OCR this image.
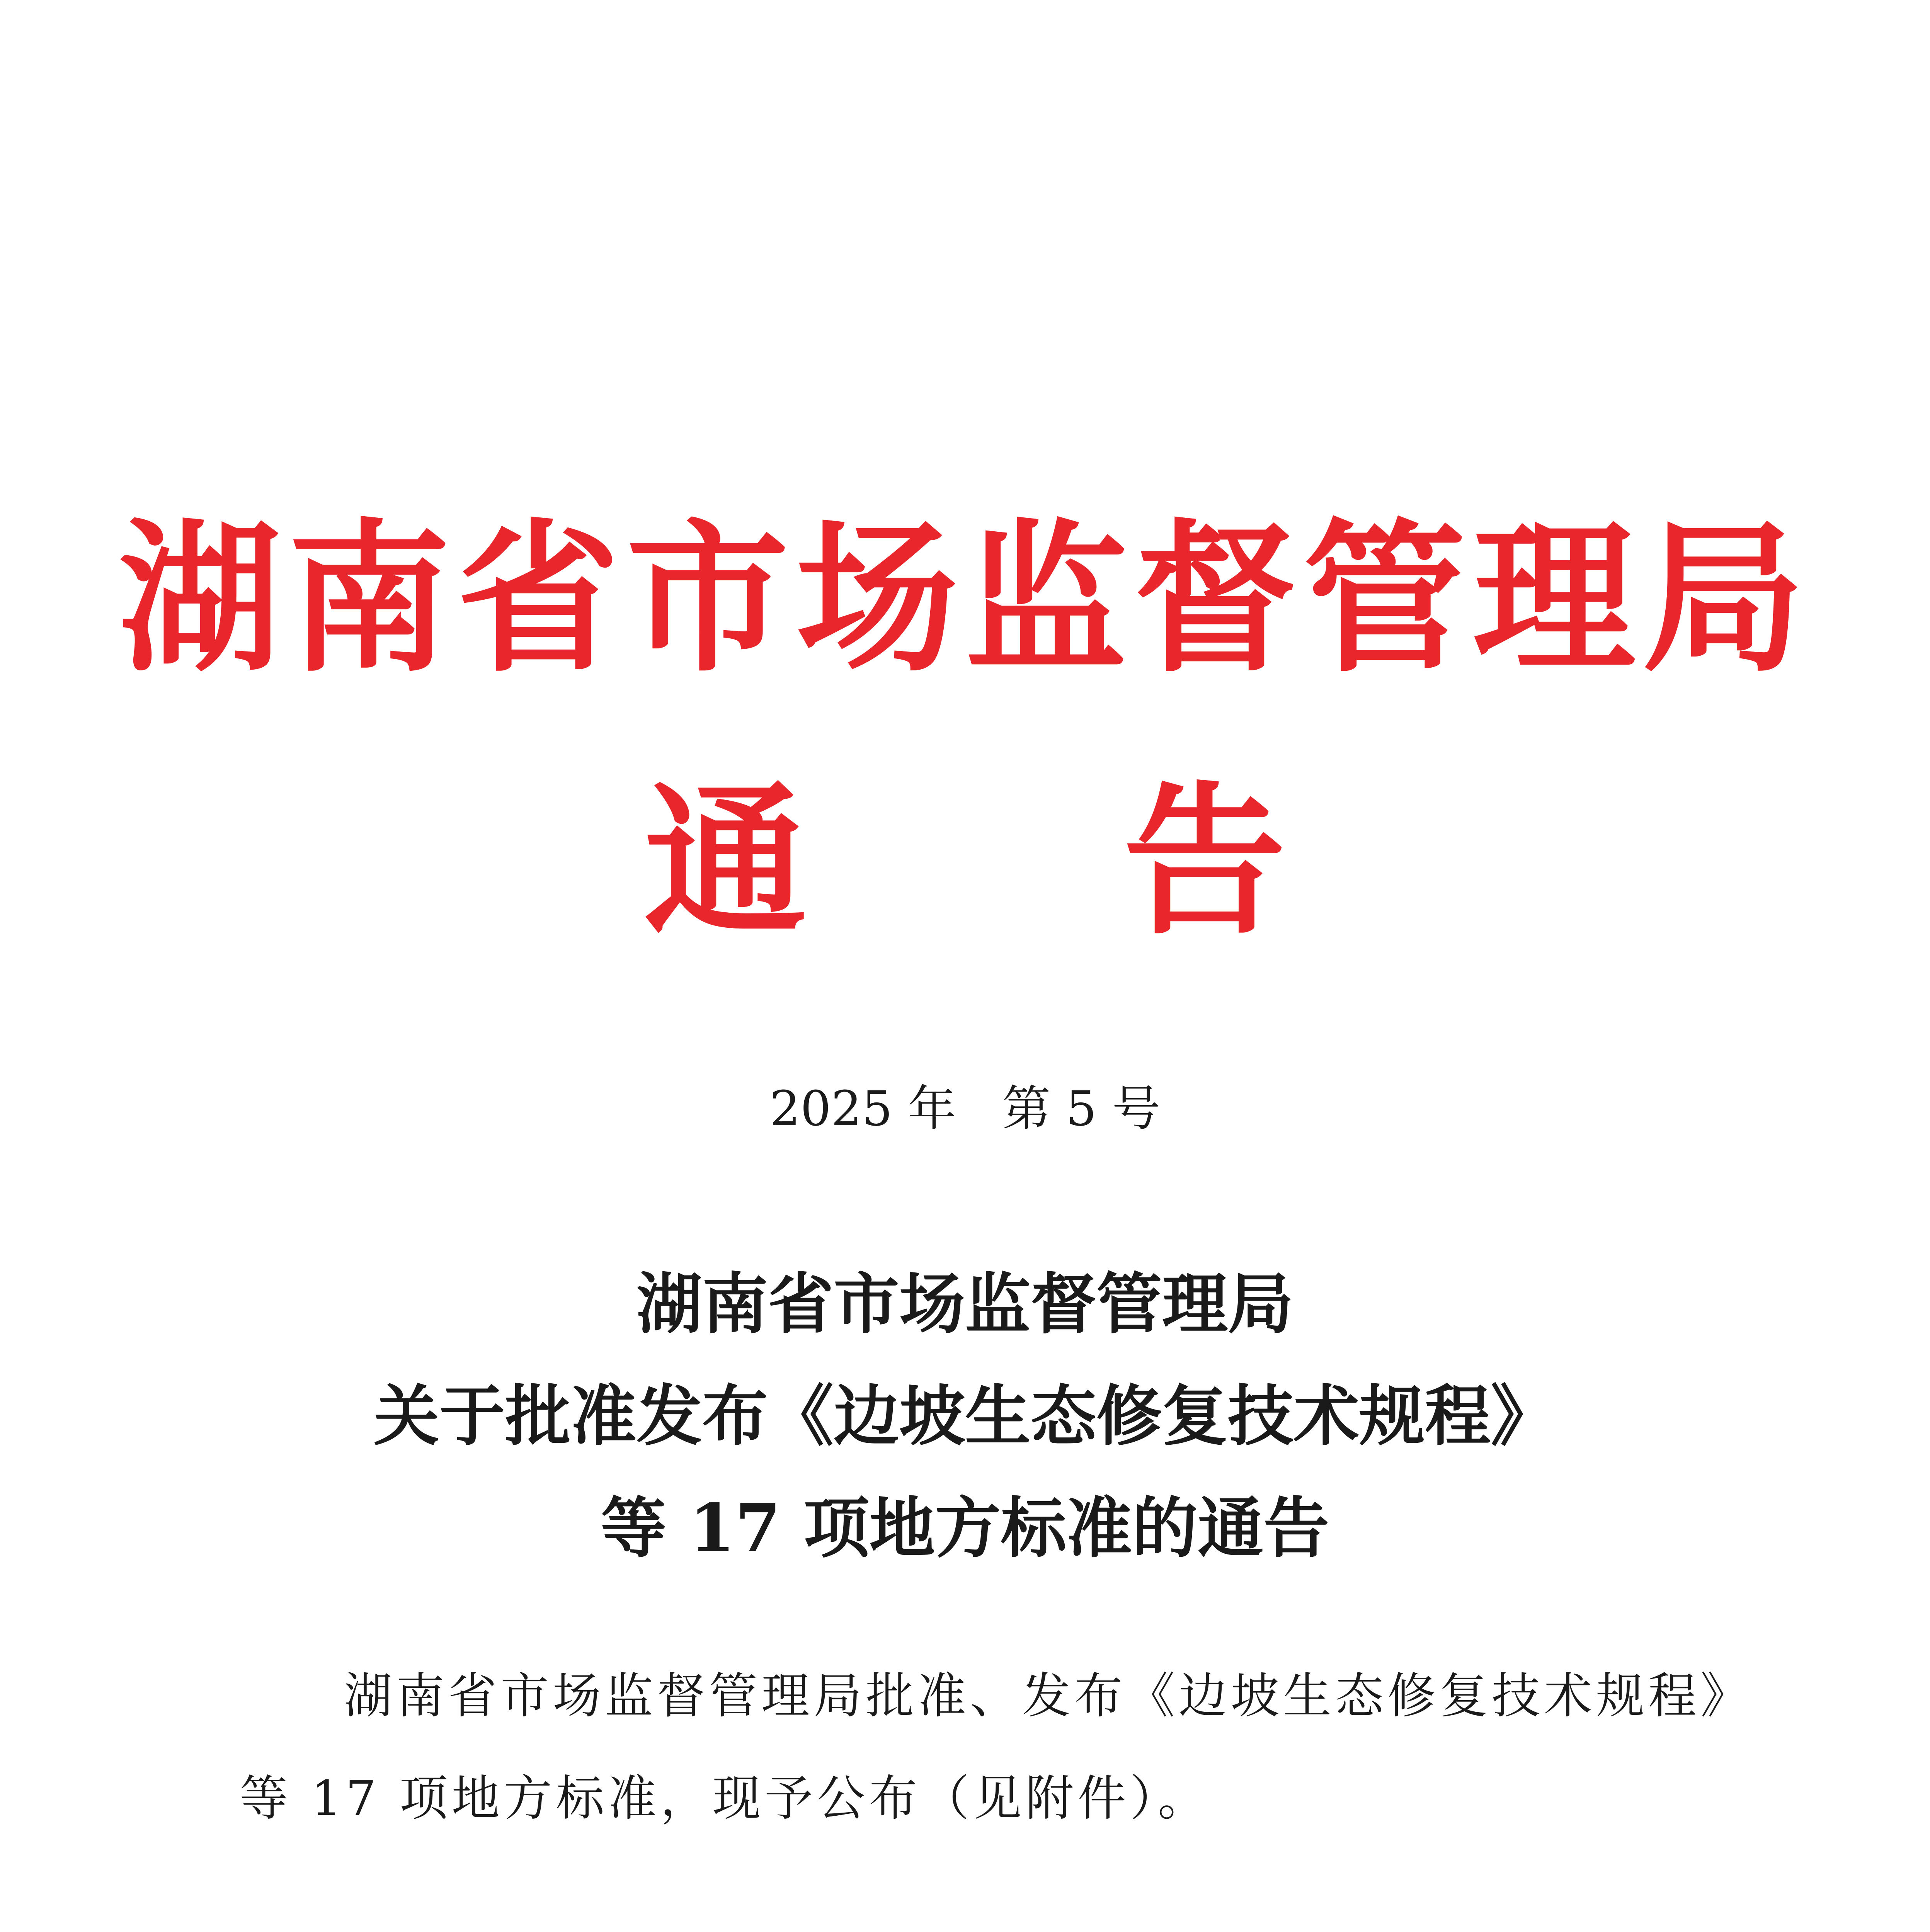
湖南省市场监督管理局
通告
2025 年   第 5 号
湖南省市场监督管理局
关于批准发布《边坡生态修复技术规程》
等 17 项地方标准的通告
湖南省市场监督管理局批准、发布《边坡生态修复技术规程》
等 17 项地方标准，现予公布（见附件）。
